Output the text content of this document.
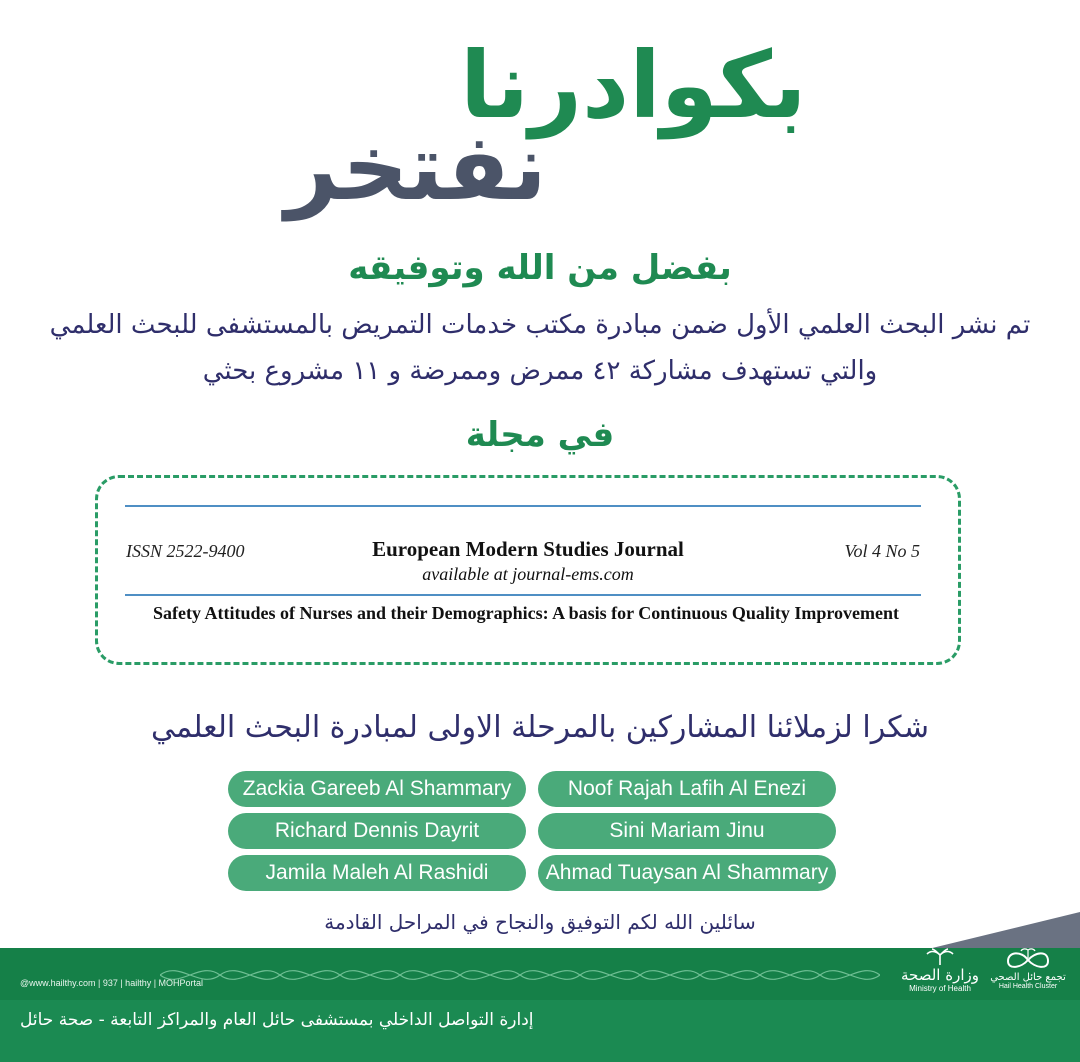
بكوادرنا
نفتخر
بفضل من الله وتوفيقه
تم نشر البحث العلمي الأول ضمن مبادرة مكتب خدمات التمريض بالمستشفى للبحث العلمي
والتي تستهدف مشاركة ٤٢ ممرض وممرضة و ١١ مشروع بحثي
في مجلة
ISSN 2522-9400	European Modern Studies Journal	Vol 4 No 5
available at journal-ems.com
Safety Attitudes of Nurses and their Demographics: A basis for Continuous Quality Improvement
شكرا لزملائنا المشاركين بالمرحلة الاولى لمبادرة البحث العلمي
Noof Rajah Lafih Al Enezi
Zackia Gareeb Al Shammary
Sini Mariam Jinu
Richard Dennis Dayrit
Ahmad Tuaysan Al Shammary
Jamila Maleh Al Rashidi
سائلين الله لكم التوفيق والنجاح في المراحل القادمة
@www.hailthy.com | 937 | hailthy | MOHPortal	وزارة الصحة
Ministry of Health
تجمع حائل الصحي
Hail Health Cluster
إدارة التواصل الداخلي بمستشفى حائل العام والمراكز التابعة - صحة حائل
